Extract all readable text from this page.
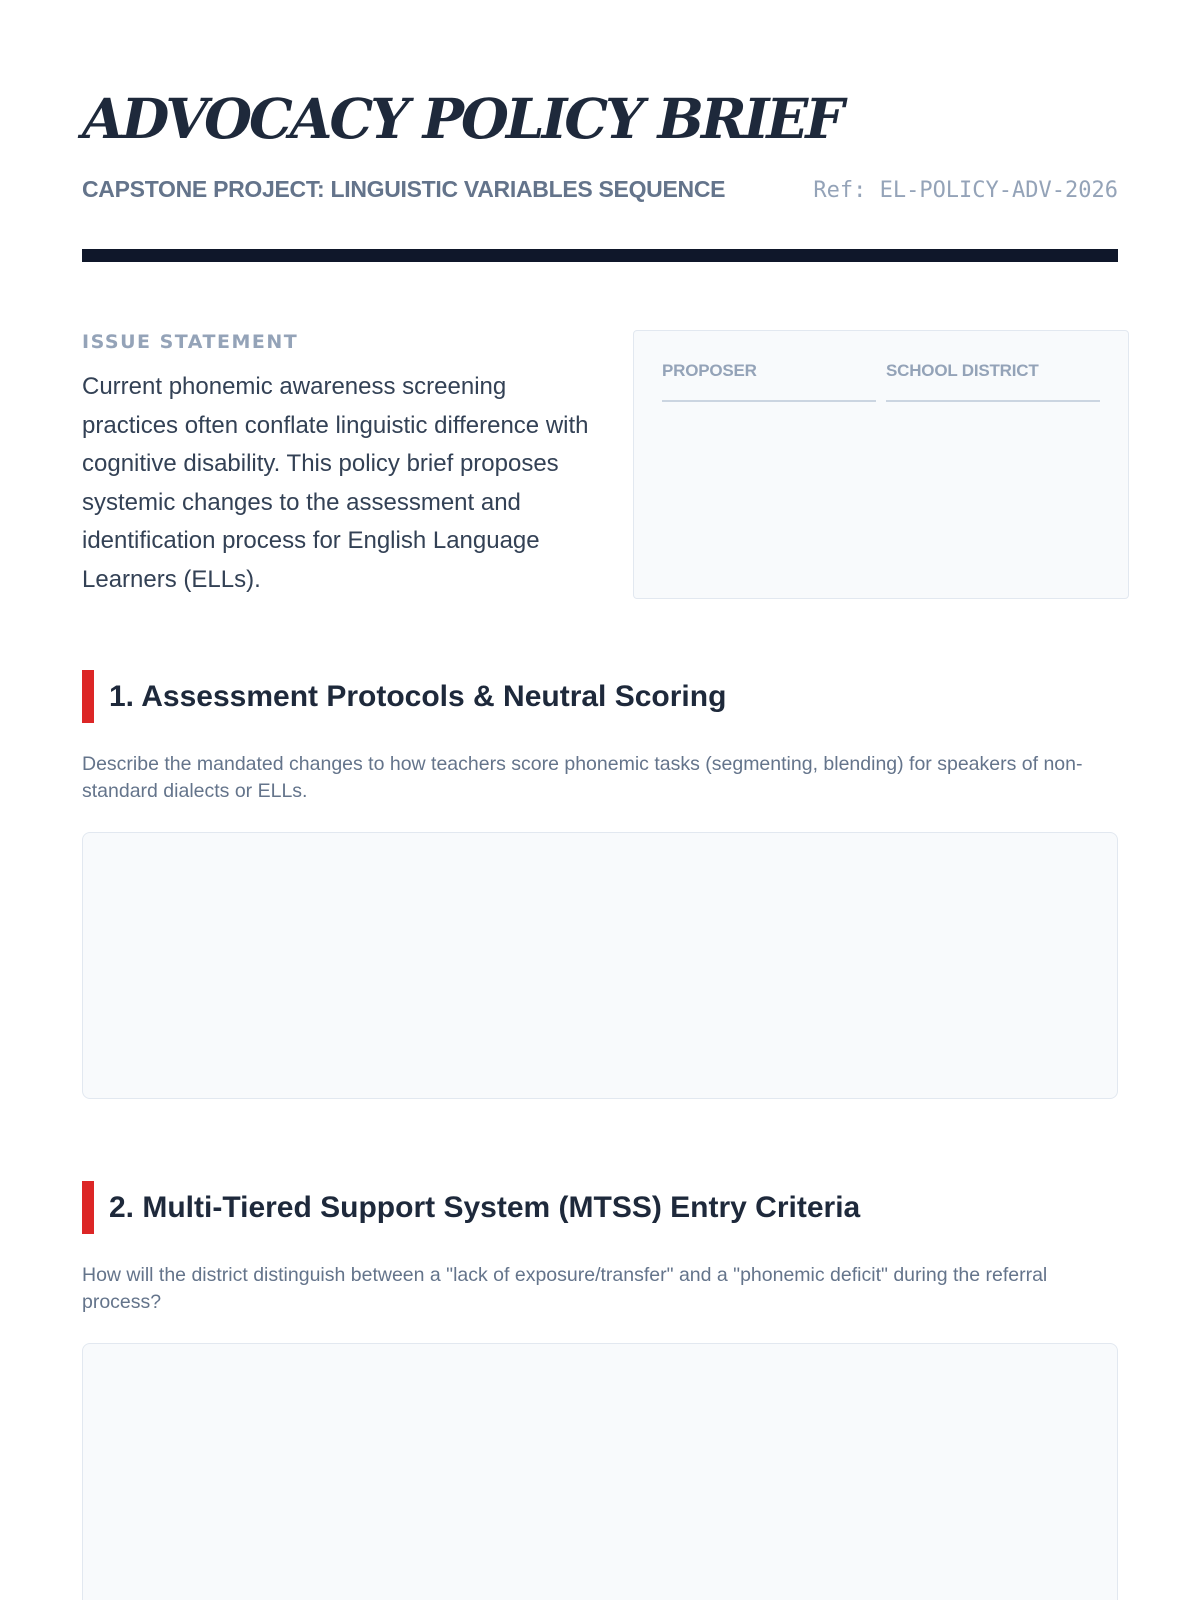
ADVOCACY POLICY BRIEF
CAPSTONE PROJECT: LINGUISTIC VARIABLES SEQUENCE	Ref: EL-POLICY-ADV-2026
ISSUE STATEMENT

Current phonemic awareness screening practices often conflate linguistic difference with cognitive disability. This policy brief proposes systemic changes to the assessment and identification process for English Language Learners (ELLs).

PROPOSER	SCHOOL DISTRICT
1. Assessment Protocols & Neutral Scoring

Describe the mandated changes to how teachers score phonemic tasks (segmenting, blending) for speakers of non-standard dialects or ELLs.

2. Multi-Tiered Support System (MTSS) Entry Criteria

How will the district distinguish between a "lack of exposure/transfer" and a "phonemic deficit" during the referral process?
